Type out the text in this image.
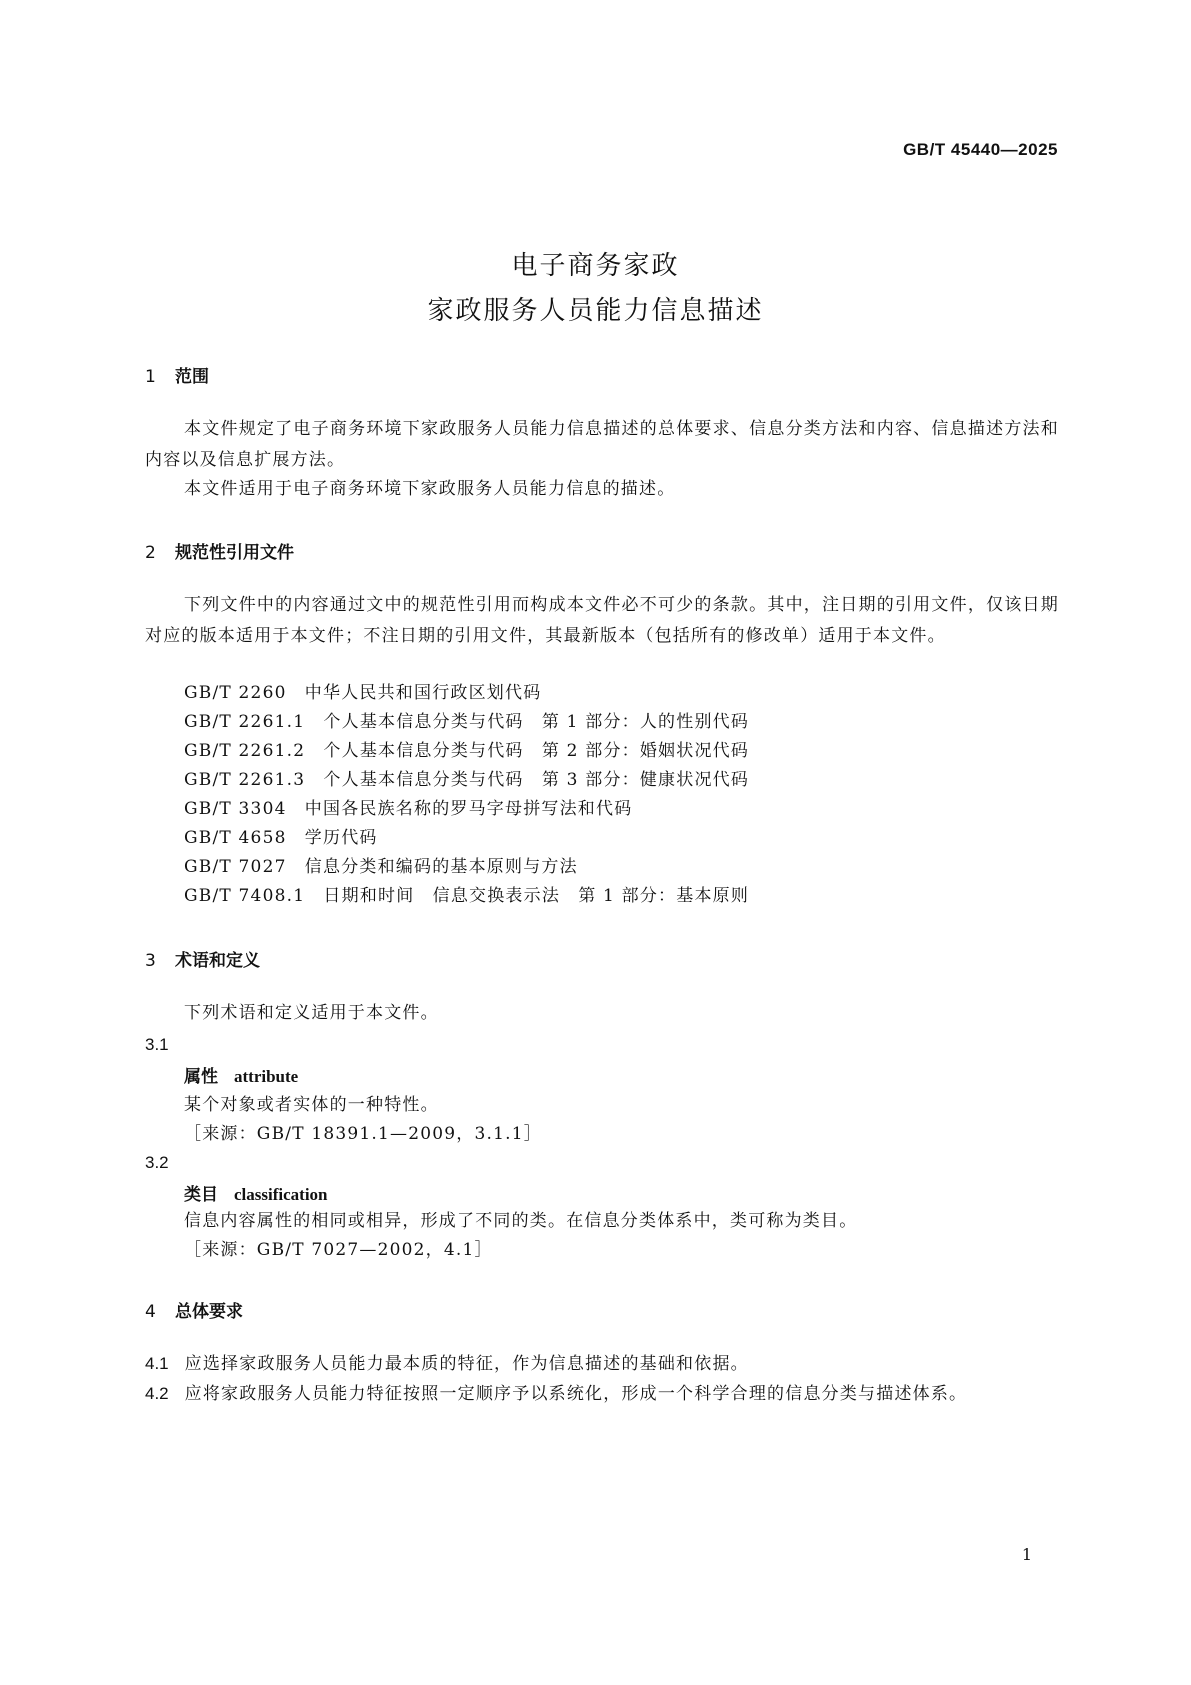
GB/T 45440—2025
电子商务家政
家政服务人员能力信息描述
1 范围
本文件规定了电子商务环境下家政服务人员能力信息描述的总体要求、信息分类方法和内容、信息描述方法和内容以及信息扩展方法。
本文件适用于电子商务环境下家政服务人员能力信息的描述。
2 规范性引用文件
下列文件中的内容通过文中的规范性引用而构成本文件必不可少的条款。其中，注日期的引用文件，仅该日期对应的版本适用于本文件；不注日期的引用文件，其最新版本（包括所有的修改单）适用于本文件。
GB/T 2260　中华人民共和国行政区划代码
GB/T 2261.1　个人基本信息分类与代码　第 1 部分：人的性别代码
GB/T 2261.2　个人基本信息分类与代码　第 2 部分：婚姻状况代码
GB/T 2261.3　个人基本信息分类与代码　第 3 部分：健康状况代码
GB/T 3304　中国各民族名称的罗马字母拼写法和代码
GB/T 4658　学历代码
GB/T 7027　信息分类和编码的基本原则与方法
GB/T 7408.1　日期和时间　信息交换表示法　第 1 部分：基本原则
3 术语和定义
下列术语和定义适用于本文件。
3.1
属性 attribute
某个对象或者实体的一种特性。
［来源：GB/T 18391.1—2009，3.1.1］
3.2
类目 classification
信息内容属性的相同或相异，形成了不同的类。在信息分类体系中，类可称为类目。
［来源：GB/T 7027—2002，4.1］
4 总体要求
4.1 应选择家政服务人员能力最本质的特征，作为信息描述的基础和依据。
4.2 应将家政服务人员能力特征按照一定顺序予以系统化，形成一个科学合理的信息分类与描述体系。
1
